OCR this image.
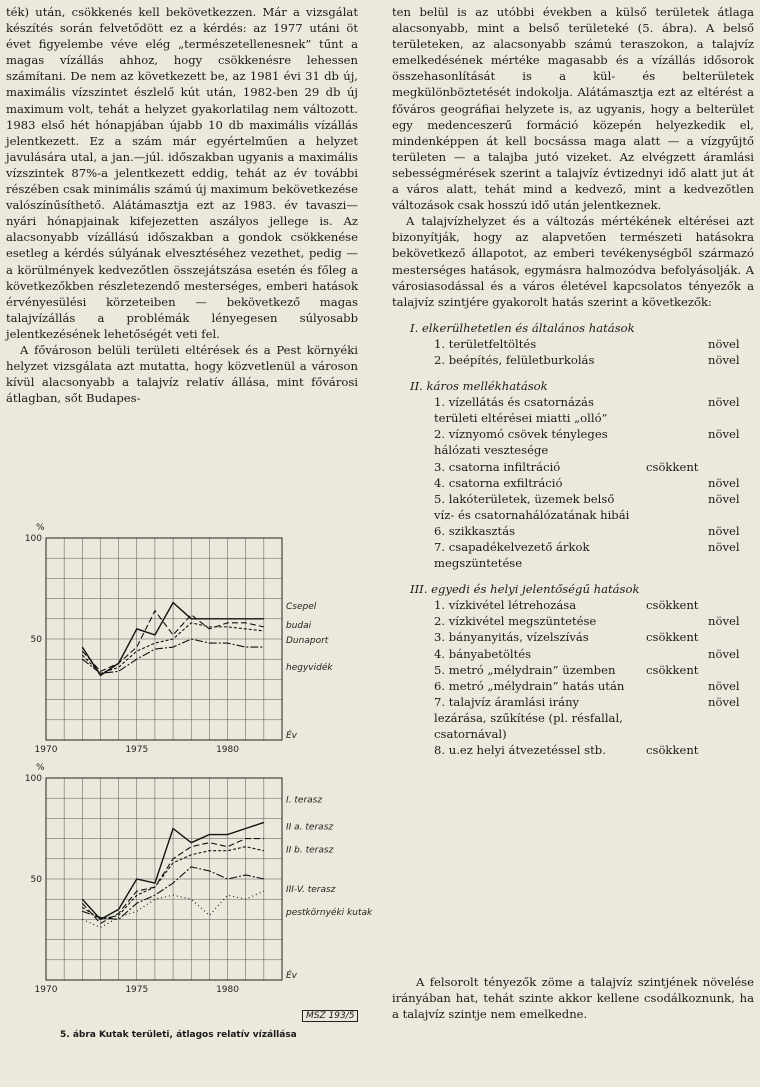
ték) után, csökkenés kell bekövetkezzen. Már a vizsgálat készítés során felvetődött ez a kérdés: az 1977 utáni öt évet figyelembe véve elég „természetellenesnek” tűnt a magas vízállás ahhoz, hogy csökkenésre lehessen számítani. De nem az következett be, az 1981 évi 31 db új, maximális vízszintet észlelő kút után, 1982-ben 29 db új maximum volt, tehát a helyzet gyakorlatilag nem változott. 1983 első hét hónapjában újabb 10 db maximális vízállás jelentkezett. Ez a szám már egyértelműen a helyzet javulására utal, a jan.—júl. időszakban ugyanis a maximális vízszintek 87%-a jelentkezett eddig, tehát az év további részében csak minimális számú új maximum bekövetkezése valószínűsíthető. Alátámasztja ezt az 1983. év tavaszi—nyári hónapjainak kifejezetten aszályos jellege is. Az alacsonyabb vízállású időszakban a gondok csökkenése esetleg a kérdés súlyának elvesztéséhez vezethet, pedig — a körülmények kedvezőtlen összejátszása esetén és főleg a következőkben részletezendő mesterséges, emberi hatások érvényesülési körzeteiben — bekövetkező magas talajvízállás a problémák lényegesen súlyosabb jelentkezésének lehetőségét veti fel.

A fővároson belüli területi eltérések és a Pest környéki helyzet vizsgálata azt mutatta, hogy közvetlenül a városon kívül alacsonyabb a talajvíz relatív állása, mint fővárosi átlagban, sőt Budapes-

ten belül is az utóbbi években a külső területek átlaga alacsonyabb, mint a belső területeké (5. ábra). A belső területeken, az alacsonyabb számú teraszokon, a talajvíz emelkedésének mértéke magasabb és a vízállás idősorok összehasonlítását is a kül- és belterületek megkülönböztetését indokolja. Alátámasztja ezt az eltérést a főváros geográfiai helyzete is, az ugyanis, hogy a belterület egy medenceszerű formáció közepén helyezkedik el, mindenképpen át kell bocsássa maga alatt — a vízgyűjtő területen — a talajba jutó vizeket. Az elvégzett áramlási sebességmérések szerint a talajvíz évtizednyi idő alatt jut át a város alatt, tehát mind a kedvező, mint a kedvezőtlen változások csak hosszú idő után jelentkeznek.

A talajvízhelyzet és a változás mértékének eltérései azt bizonyítják, hogy az alapvetően természeti hatásokra bekövetkező állapotot, az emberi tevékenységből származó mesterséges hatások, egymásra halmozódva befolyásolják. A városiasodással és a város életével kapcsolatos tényezők a talajvíz szintjére gyakorolt hatás szerint a következők:

I. elkerülhetetlen és általános hatások
1. területfeltöltés	növel
2. beépítés, felületburkolás	növel
II. káros mellékhatások
1. vízellátás és csatornázás területi eltérései miatti „olló”
növel
2. víznyomó csövek tényleges hálózati vesztesége
növel
3. csatorna infiltráció	csökkent
4. csatorna exfiltráció	növel
5. lakóterületek, üzemek belső víz- és csatornahálózatának hibái
növel
6. szikkasztás	növel
7. csapadékelvezető árkok megszüntetése
növel
III. egyedi és helyi jelentőségű hatások
1. vízkivétel létrehozása	csökkent
2. vízkivétel megszüntetése	növel
3. bányanyitás, vízelszívás	csökkent
4. bányabetöltés	növel
5. metró „mélydrain” üzemben	csökkent
6. metró „mélydrain” hatás után	növel
7. talajvíz áramlási irány lezárása, szűkítése (pl. résfallal, csatornával)
növel
8. u.ez helyi átvezetéssel stb.	csökkent
A felsorolt tényezők zöme a talajvíz szintjének növelése irányában hat, tehát szinte akkor kellene csodálkoznunk, ha a talajvíz szintje nem emelkedne.
%
100
50
1970	1975	1980
Év
Csepel
budai
Dunaport
hegyvidék
%
100
50
1970	1975	1980
Év
I. terasz
II a. terasz
II b. terasz
III-V. terasz
pestkörnyéki kutak
MSZ 193/5
5. ábra Kutak területi, átlagos relatív vízállása
